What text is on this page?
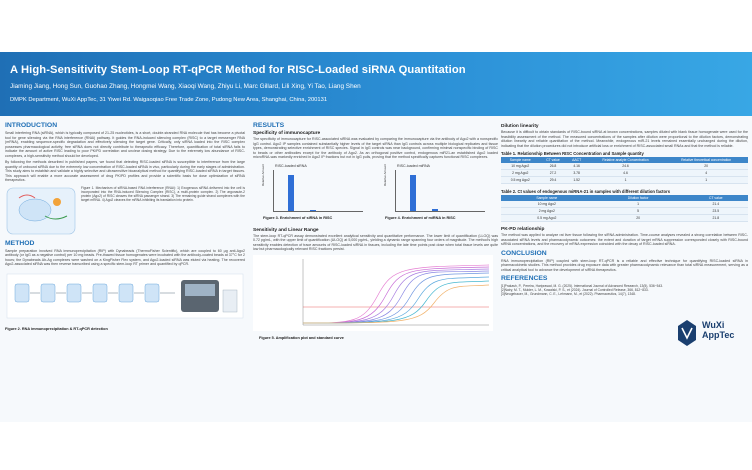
A High-Sensitivity Stem-Loop RT-qPCR Method for RISC-Loaded siRNA Quantitation
Jiaming Jiang, Hong Sun, Guohao Zhang, Hongmei Wang, Xiaoqi Wang, Zhiyu Li, Marc Gillard, Lili Xing, Yi Tao, Liang Shen
DMPK Department, WuXi AppTec, 31 Yiwei Rd. Waigaoqiao Free Trade Zone, Pudong New Area, Shanghai, China, 200131
INTRODUCTION
Small interfering RNA (siRNA), which is typically composed of 21-25 nucleotides, is a short, double-stranded RNA molecule that has become a pivotal tool for gene silencing via the RNA interference (RNAi) pathway. It guides the RNA-induced silencing complex (RISC) to a target messenger RNA (mRNA), enabling sequence-specific degradation and effectively silencing the target gene. Critically, only siRNA loaded into the RISC complex possesses pharmacological activity; free siRNA does not directly contribute to therapeutic efficacy. Therefore, quantification of total siRNA fails to indicate the amount of active RISC leading to poor PK/PD correlation and unclear dosing strategy. Due to the extremely low abundance of RISC-complexes, a high-sensitivity method should be developed.
By following the methods described in published papers, we found that detecting RISC-loaded siRNA is susceptible to interference from the large quantity of unbound siRNA due to the extremely low concentration of RISC-loaded siRNA in vivo, particularly during the early stages of administration. This study aims to establish and validate a highly selective and ultrasensitive bioanalytical method for quantifying RISC-loaded siRNA in target tissues. This approach will enable a more accurate assessment of drug PK/PD profiles and provide a scientific basis for dose optimization of siRNA therapeutics.
Figure 1. Mechanism of siRNA-based RNA interference (RNAi): 1) Exogenous siRNA delivered into the cell is incorporated into the RNA-induced Silencing Complex (RISC), a multi-protein complex. 2) The argonaute-2 protein (Ago2) of RISC cleaves the siRNA passenger strand. 3) The remaining guide strand complexes with the target mRNA. 4) Ago2 cleaves the mRNA inhibiting its translation into protein.
METHOD
Sample preparation involved RNA immunoprecipitation (RIP) with Dynabeads (ThermoFisher Scientific), which are coupled to 60 µg anti-Ago2 antibody (or IgG as a negative control) per 10 mg beads. Pre-thawed tissue homogenates were incubated with the antibody-coated beads at 37°C for 2 hours; the Dynabeads Ab-Ag complexes were washed on a KingFisher Flex system, and Ago2-loaded siRNA was eluted via heating. The recovered Ago2-associated siRNA was then reverse transcribed using a specific stem-loop RT primer and quantified by qPCR.
Figure 2. RNA immunoprecipitation & RT-qPCR detection
RESULTS
Specificity of immunocapture
The specificity of immunocapture for RISC-associated siRNA was evaluated by comparing the immunocapture via the antibody of Ago2 with a nonspecific IgG control. Ago2 IP samples contained substantially higher levels of the target siRNA than IgG controls across multiple biological replicates and tissue types, demonstrating selective enrichment of RISC species. Signal in IgG controls was near background, confirming minimal nonspecific binding of RISC to beads or other antibodies except for the antibody of Ago2. As an orthogonal positive control, endogenous miR21-an established Ago2 loaded microRNA-was markedly enriched in Ago2 IP fractions but not in IgG pulls, proving that the method specifically captures functional RISC complexes.
RISC-loaded siRNA
Relative Amount
Figure 3. Enrichment of siRNA in RISC
RISC-loaded miRNA
Relative Amount
Figure 4. Enrichment of miRNA in RISC
Sensitivity and Linear Range
The stem-loop RT-qPCR assay demonstrated excellent analytical sensitivity and quantitative performance. The lower limit of quantification (LLOQ) was 0.72 pg/mL, with the upper limit of quantification (ULOQ) at 5,000 pg/mL, yielding a dynamic range spanning four orders of magnitude. The method's high sensitivity enables detection of trace amounts of RISC-loaded siRNA in tissues, including the late time points post dose when total tissue levels are quite low but pharmacologically relevant RISC fractions persist.
Figure 5. Amplification plot and standard curve
Dilution linearity
Because it is difficult to obtain standards of RISC-bound siRNA at known concentrations, samples diluted with blank tissue homogenate were used for the feasibility assessment of the method. The measured concentrations of the samples after dilution were proportional to the dilution factors, demonstrating dilution linearity and reliable quantitation of the method. Meanwhile, endogenous miR-21 levels remained essentially unchanged during the dilution, indicating that the dilution procedures did not introduce artificial loss or enrichment of RISC-associated small RNAs and that the method is reliable.
Table 1. Relationship Between RISC Concentration and Sample quantity
Sample name	CT value	ΔΔCT	Relative analyte Concentration	Relative theoretical concentration
10 mg Ago2	26.8	4.16	24.6	20
2 mg Ago2	27.2	3.78	4.6	4
0.5 mg Ago2	29.4	1.52	1	1
Table 2. Ct values of endogenous miRNA-21 in samples with different dilution factors
Sample name	Dilution factor	CT value
10 mg Ago2	1	21.4
2 mg Ago2	5	23.5
0.5 mg Ago2	20	21.8
PK-PD relationship
The method was applied to analyze rat liver tissue following the siRNA administration. Time-course analyses revealed a strong correlation between RISC-associated siRNA levels and pharmacodynamic outcomes: the extent and duration of target mRNA suppression corresponded closely with RISC-bound siRNA concentrations, and the recovery of mRNA expression coincided with the decay of RISC-loaded siRNA.
CONCLUSION
RNA immunoprecipitation (RIP) coupled with stem-loop RT-qPCR is a reliable and effective technique for quantifying RISC-loaded siRNA in pharmacokinetic studies. This method provides drug exposure data with greater pharmacodynamic relevance than total siRNA measurement, serving as a critical analytical tool to advance the development of siRNA therapeutics.
REFERENCES
[1]Prakash, P., Pereira, Hariprasad, M. G. (2025). International Journal of Advanced Research, 13(5), 536~543.
[2]Nairy, M. T., Mulder, L. M., Kowalski, P. S., et (2024). Journal of Controlled Release, 366, 812~833.
[3]Neugebauer, M., Grundmann, C. E., Lehmann, M., et (2022). Pharmaceutics, 14(7), 1348.
WuXi
AppTec
